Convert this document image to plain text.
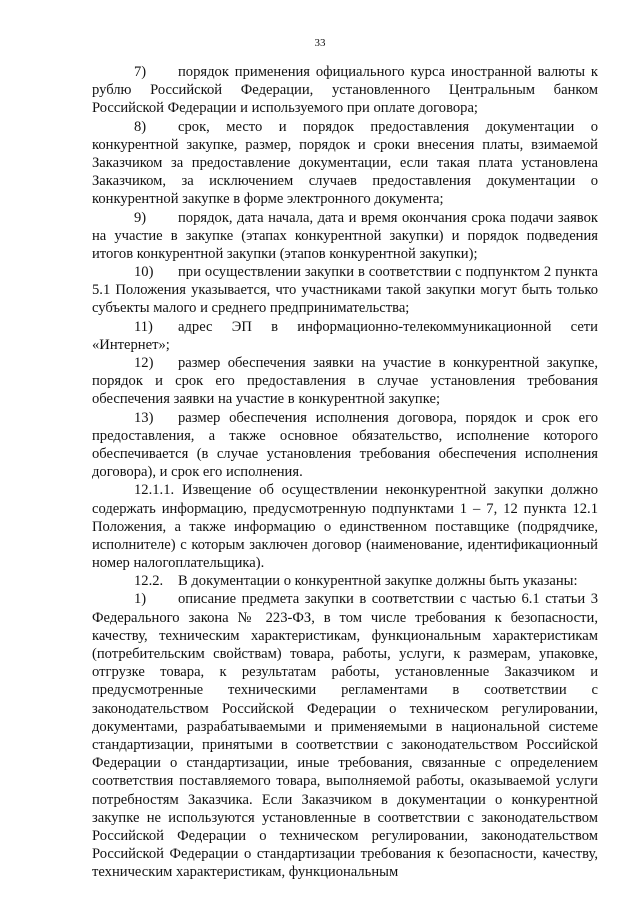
33

7) порядок применения официального курса иностранной валюты к рублю Российской Федерации, установленного Центральным банком Российской Федерации и используемого при оплате договора;

8) срок, место и порядок предоставления документации о конкурентной закупке, размер, порядок и сроки внесения платы, взимаемой Заказчиком за предоставление документации, если такая плата установлена Заказчиком, за исключением случаев предоставления документации о конкурентной закупке в форме электронного документа;

9) порядок, дата начала, дата и время окончания срока подачи заявок на участие в закупке (этапах конкурентной закупки) и порядок подведения итогов конкурентной закупки (этапов конкурентной закупки);

10) при осуществлении закупки в соответствии с подпунктом 2 пункта 5.1 Положения указывается, что участниками такой закупки могут быть только субъекты малого и среднего предпринимательства;

11) адрес ЭП в информационно-телекоммуникационной сети «Интернет»;

12) размер обеспечения заявки на участие в конкурентной закупке, порядок и срок его предоставления в случае установления требования обеспечения заявки на участие в конкурентной закупке;

13) размер обеспечения исполнения договора, порядок и срок его предоставления, а также основное обязательство, исполнение которого обеспечивается (в случае установления требования обеспечения исполнения договора), и срок его исполнения.

12.1.1. Извещение об осуществлении неконкурентной закупки должно содержать информацию, предусмотренную подпунктами 1 – 7, 12 пункта 12.1 Положения, а также информацию о единственном поставщике (подрядчике, исполнителе) с которым заключен договор (наименование, идентификационный номер налогоплательщика).

12.2. В документации о конкурентной закупке должны быть указаны:

1) описание предмета закупки в соответствии с частью 6.1 статьи 3 Федерального закона № 223-ФЗ, в том числе требования к безопасности, качеству, техническим характеристикам, функциональным характеристикам (потребительским свойствам) товара, работы, услуги, к размерам, упаковке, отгрузке товара, к результатам работы, установленные Заказчиком и предусмотренные техническими регламентами в соответствии с законодательством Российской Федерации о техническом регулировании, документами, разрабатываемыми и применяемыми в национальной системе стандартизации, принятыми в соответствии с законодательством Российской Федерации о стандартизации, иные требования, связанные с определением соответствия поставляемого товара, выполняемой работы, оказываемой услуги потребностям Заказчика. Если Заказчиком в документации о конкурентной закупке не используются установленные в соответствии с законодательством Российской Федерации о техническом регулировании, законодательством Российской Федерации о стандартизации требования к безопасности, качеству, техническим характеристикам, функциональным
